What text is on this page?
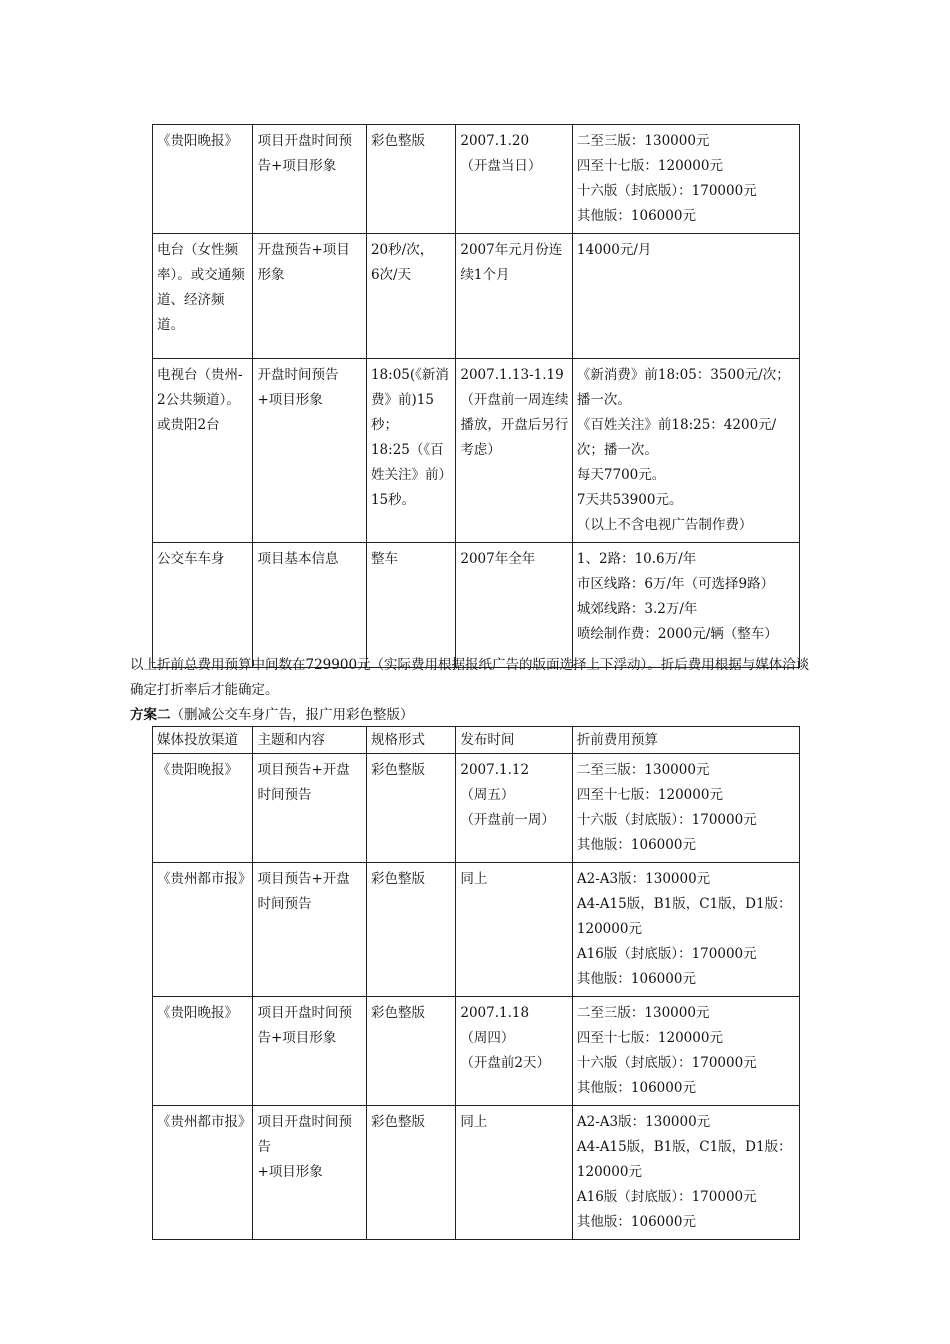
《贵阳晚报》	项目开盘时间预告+项目形象	彩色整版	2007.1.20
（开盘当日）	二至三版：130000元
四至十七版：120000元
十六版（封底版）：170000元
其他版：106000元

电台（女性频率）。或交通频道、经济频道。	开盘预告+项目形象	20秒/次，
6次/天	2007年元月份连续1个月	14000元/月

电视台（贵州-2公共频道）。
或贵阳2台	开盘时间预告+项目形象	18:05(《新消费》前)15秒；
18:25（《百姓关注》前）15秒。	2007.1.13-1.19
（开盘前一周连续播放，开盘后另行考虑）	《新消费》前18:05：3500元/次；播一次。
《百姓关注》前18:25：4200元/次；播一次。
每天7700元。
7天共53900元。
（以上不含电视广告制作费）

公交车车身	项目基本信息	整车	2007年全年	1、2路：10.6万/年
市区线路：6万/年（可选择9路）
城郊线路：3.2万/年
喷绘制作费：2000元/辆（整车）
以上折前总费用预算中间数在729900元（实际费用根据报纸广告的版面选择上下浮动）。折后费用根据与媒体洽谈确定打折率后才能确定。
方案二（删减公交车身广告，报广用彩色整版）
媒体投放渠道	主题和内容	规格形式	发布时间	折前费用预算
《贵阳晚报》	项目预告+开盘时间预告	彩色整版	2007.1.12
（周五）
（开盘前一周）	二至三版：130000元
四至十七版：120000元
十六版（封底版）：170000元
其他版：106000元

《贵州都市报》	项目预告+开盘时间预告	彩色整版	同上	A2-A3版：130000元
A4-A15版，B1版，C1版，D1版：120000元
A16版（封底版）：170000元
其他版：106000元

《贵阳晚报》	项目开盘时间预告+项目形象	彩色整版	2007.1.18
（周四）
（开盘前2天）	二至三版：130000元
四至十七版：120000元
十六版（封底版）：170000元
其他版：106000元

《贵州都市报》	项目开盘时间预告
+项目形象	彩色整版	同上	A2-A3版：130000元
A4-A15版，B1版，C1版，D1版：120000元
A16版（封底版）：170000元
其他版：106000元
